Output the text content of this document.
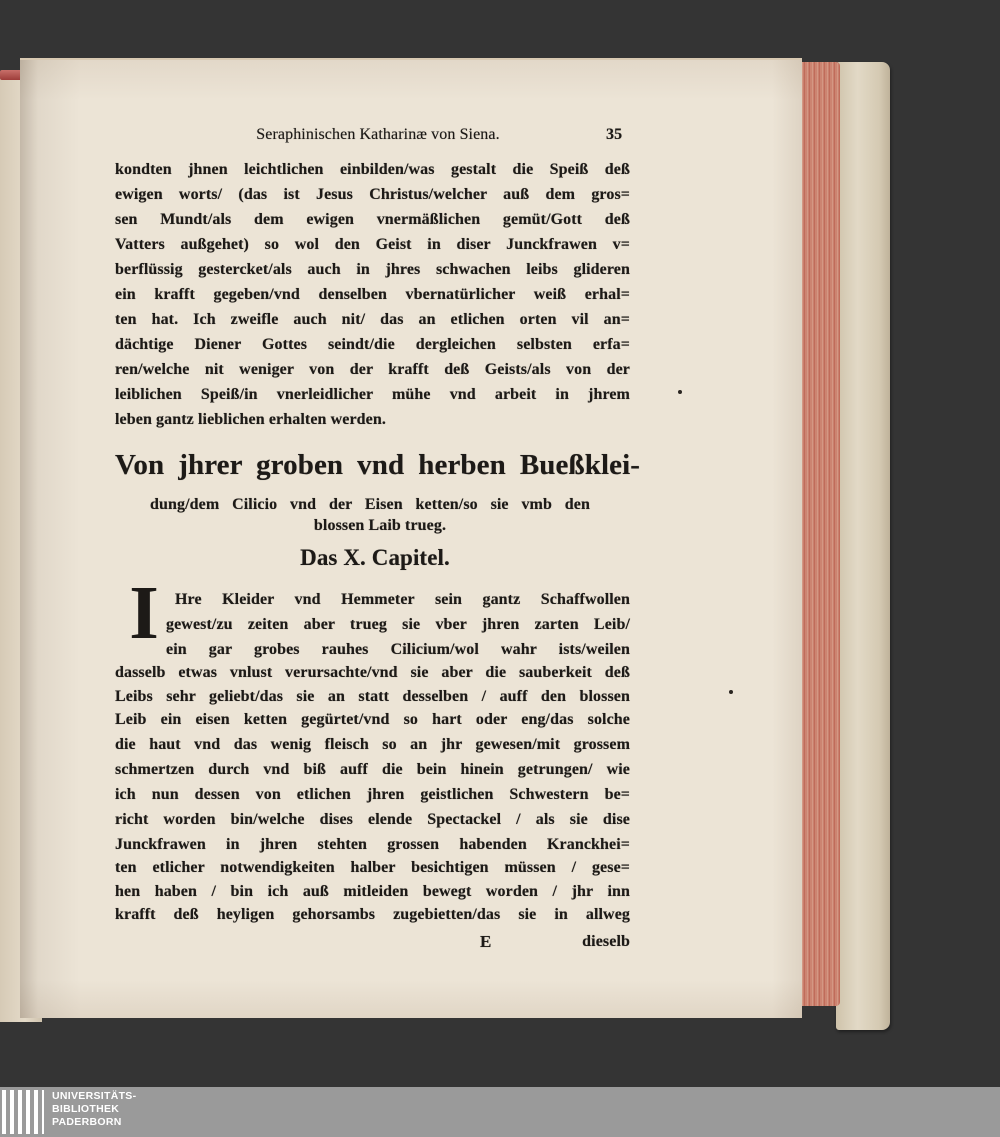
Seraphinischen Katharinæ von Siena.	35
kondten jhnen leichtlichen einbilden/was gestalt die Speiß deß
ewigen worts/ (das ist Jesus Christus/welcher auß dem gros=
sen Mundt/als dem ewigen vnermäßlichen gemüt/Gott deß
Vatters außgehet) so wol den Geist in diser Junckfrawen v=
berflüssig gestercket/als auch in jhres schwachen leibs glideren
ein krafft gegeben/vnd denselben vbernatürlicher weiß erhal=
ten hat. Ich zweifle auch nit/ das an etlichen orten vil an=
dächtige Diener Gottes seindt/die dergleichen selbsten erfa=
ren/welche nit weniger von der krafft deß Geists/als von der
leiblichen Speiß/in vnerleidlicher mühe vnd arbeit in jhrem
leben gantz lieblichen erhalten werden.
Von jhrer groben vnd herben Bueßklei-
dung/dem Cilicio vnd der Eisen ketten/so sie vmb den
blossen Laib trueg.
Das X. Capitel.
I	Hre Kleider vnd Hemmeter sein gantz Schaffwollen
gewest/zu zeiten aber trueg sie vber jhren zarten Leib/
ein gar grobes rauhes Cilicium/wol wahr ists/weilen
dasselb etwas vnlust verursachte/vnd sie aber die sauberkeit deß
Leibs sehr geliebt/das sie an statt desselben / auff den blossen
Leib ein eisen ketten gegürtet/vnd so hart oder eng/das solche
die haut vnd das wenig fleisch so an jhr gewesen/mit grossem
schmertzen durch vnd biß auff die bein hinein getrungen/ wie
ich nun dessen von etlichen jhren geistlichen Schwestern be=
richt worden bin/welche dises elende Spectackel / als sie dise
Junckfrawen in jhren stehten grossen habenden Kranckhei=
ten etlicher notwendigkeiten halber besichtigen müssen / gese=
hen haben / bin ich auß mitleiden bewegt worden / jhr inn
krafft deß heyligen gehorsambs zugebietten/das sie in allweg
E	dieselb
UNIVERSITÄTS-
BIBLIOTHEK
PADERBORN
